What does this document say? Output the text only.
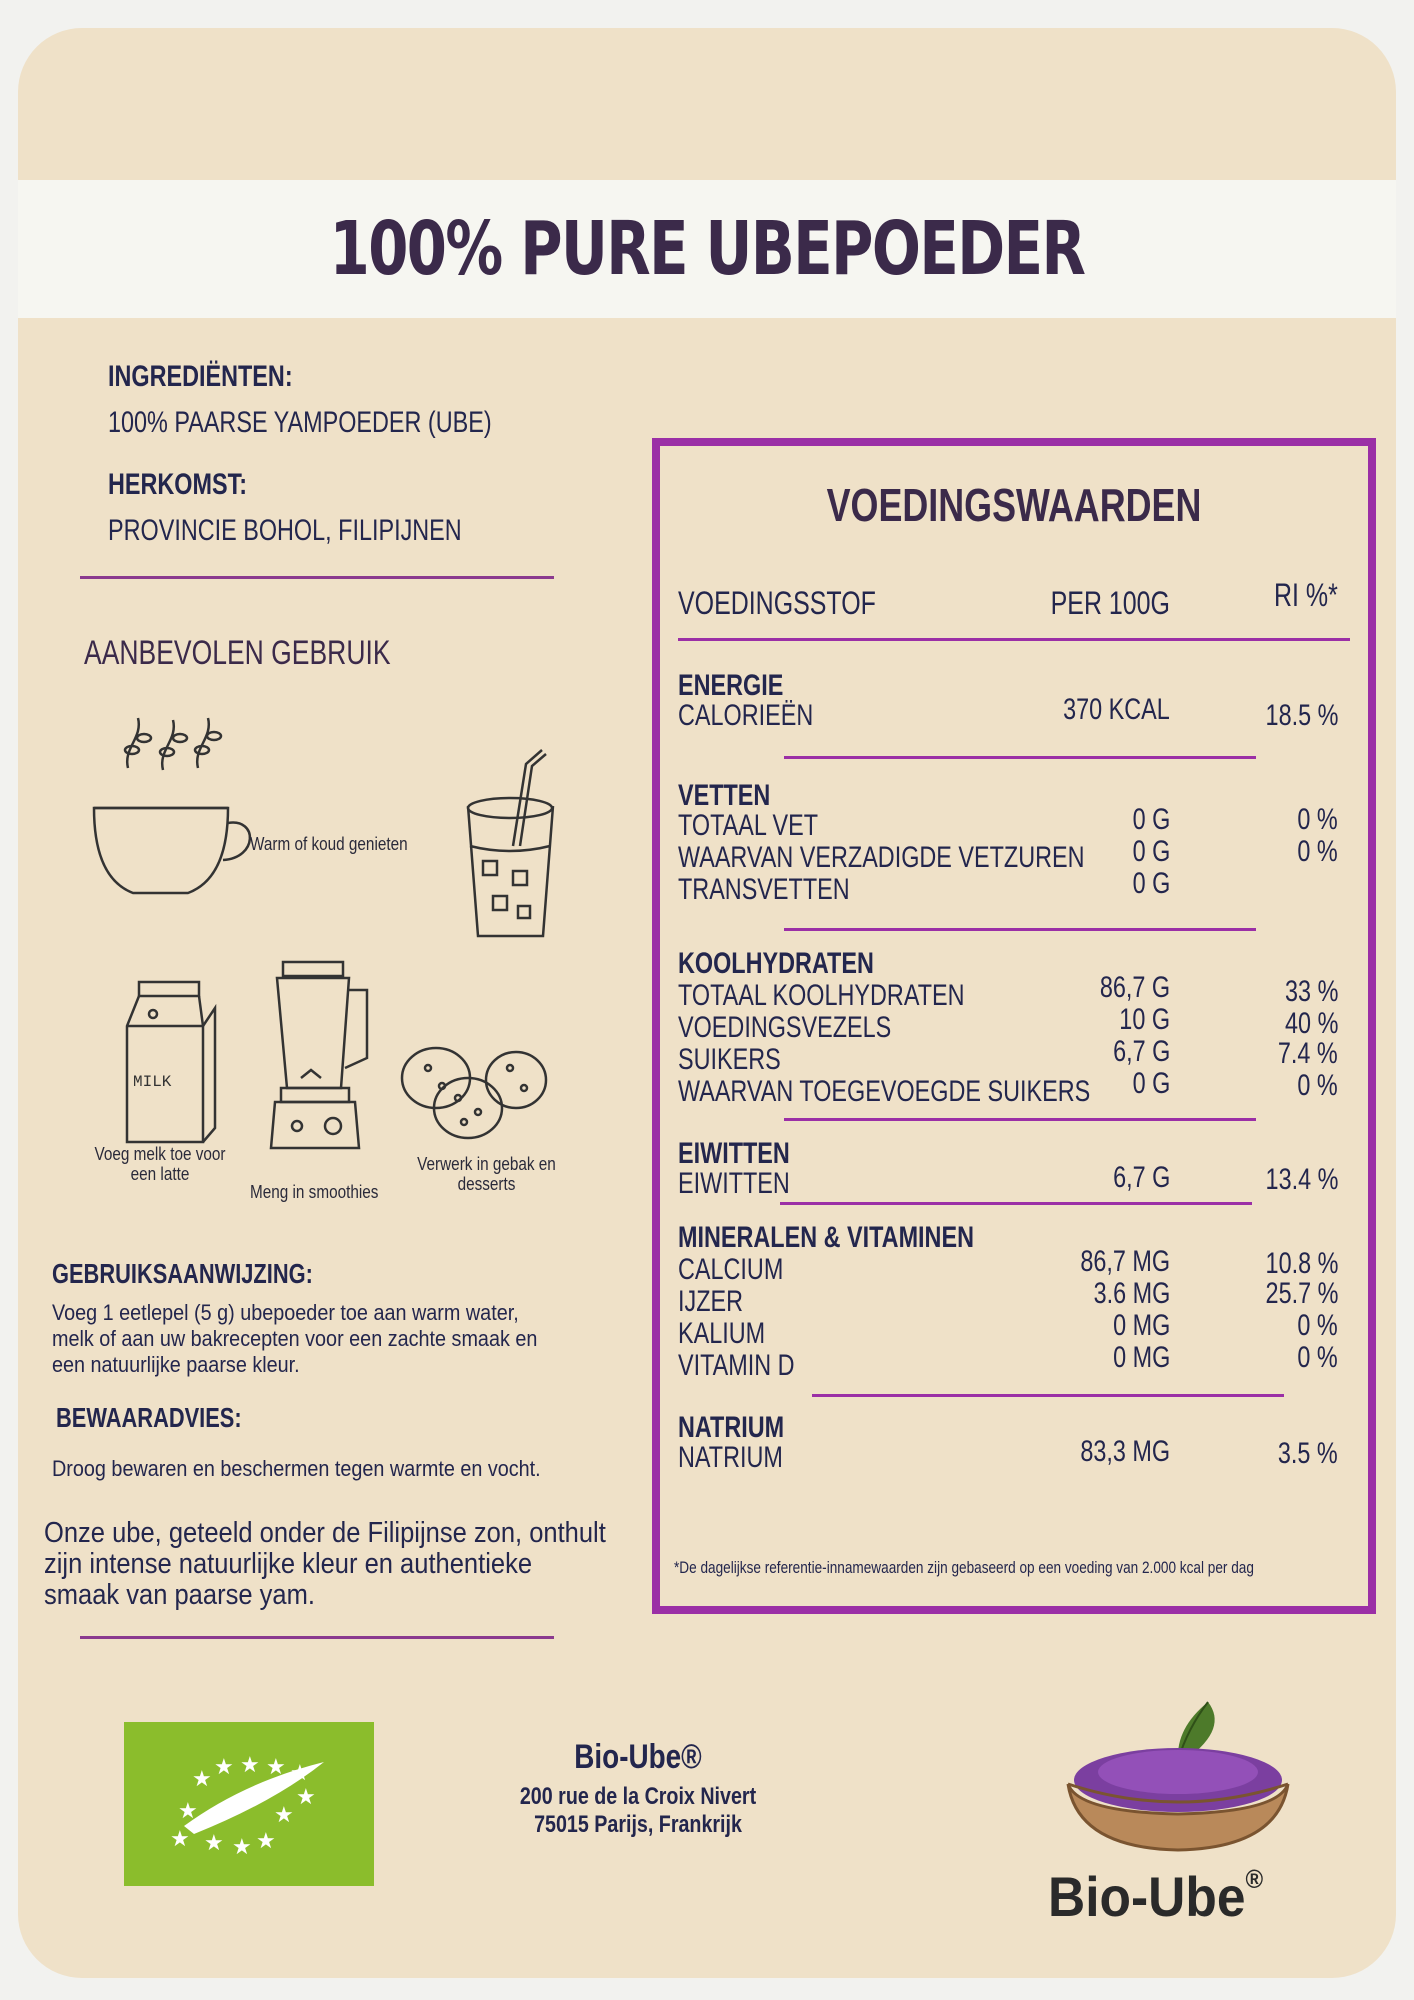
100% PURE UBEPOEDER
INGREDIËNTEN:
100% PAARSE YAMPOEDER (UBE)
HERKOMST:
PROVINCIE BOHOL, FILIPIJNEN
AANBEVOLEN GEBRUIK
Warm of koud genieten
MILK
Voeg melk toe voor een latte
Meng in smoothies
Verwerk in gebak en desserts
GEBRUIKSAANWIJZING:
Voeg 1 eetlepel (5 g) ubepoeder toe aan warm water, melk of aan uw bakrecepten voor een zachte smaak en een natuurlijke paarse kleur.
BEWAARADVIES:
Droog bewaren en beschermen tegen warmte en vocht.
Onze ube, geteeld onder de Filipijnse zon, onthult zijn intense natuurlijke kleur en authentieke smaak van paarse yam.
VOEDINGSWAARDEN
VOEDINGSSTOF	PER 100G	RI %*
ENERGIE
CALORIEËN	370 KCAL	18.5 %
VETTEN
TOTAAL VET	0 G	0 %
WAARVAN VERZADIGDE VETZUREN 0 G	0 %
TRANSVETTEN	0 G
KOOLHYDRATEN
TOTAAL KOOLHYDRATEN	86,7 G	33 %
VOEDINGSVEZELS	10 G	40 %
SUIKERS	6,7 G	7.4 %
WAARVAN TOEGEVOEGDE SUIKERS 0 G	0 %
EIWITTEN
EIWITTEN	6,7 G	13.4 %
MINERALEN & VITAMINEN
CALCIUM	86,7 MG	10.8 %
IJZER	3.6 MG	25.7 %
KALIUM	0 MG	0 %
VITAMIN D	0 MG	0 %
NATRIUM
NATRIUM	83,3 MG	3.5 %
*De dagelijkse referentie-innamewaarden zijn gebaseerd op een voeding van 2.000 kcal per dag
★ ★ ★
★
★	★
★ ★ ★ ★
★
Bio-Ube®
200 rue de la Croix Nivert
75015 Parijs, Frankrijk
Bio-Ube®
